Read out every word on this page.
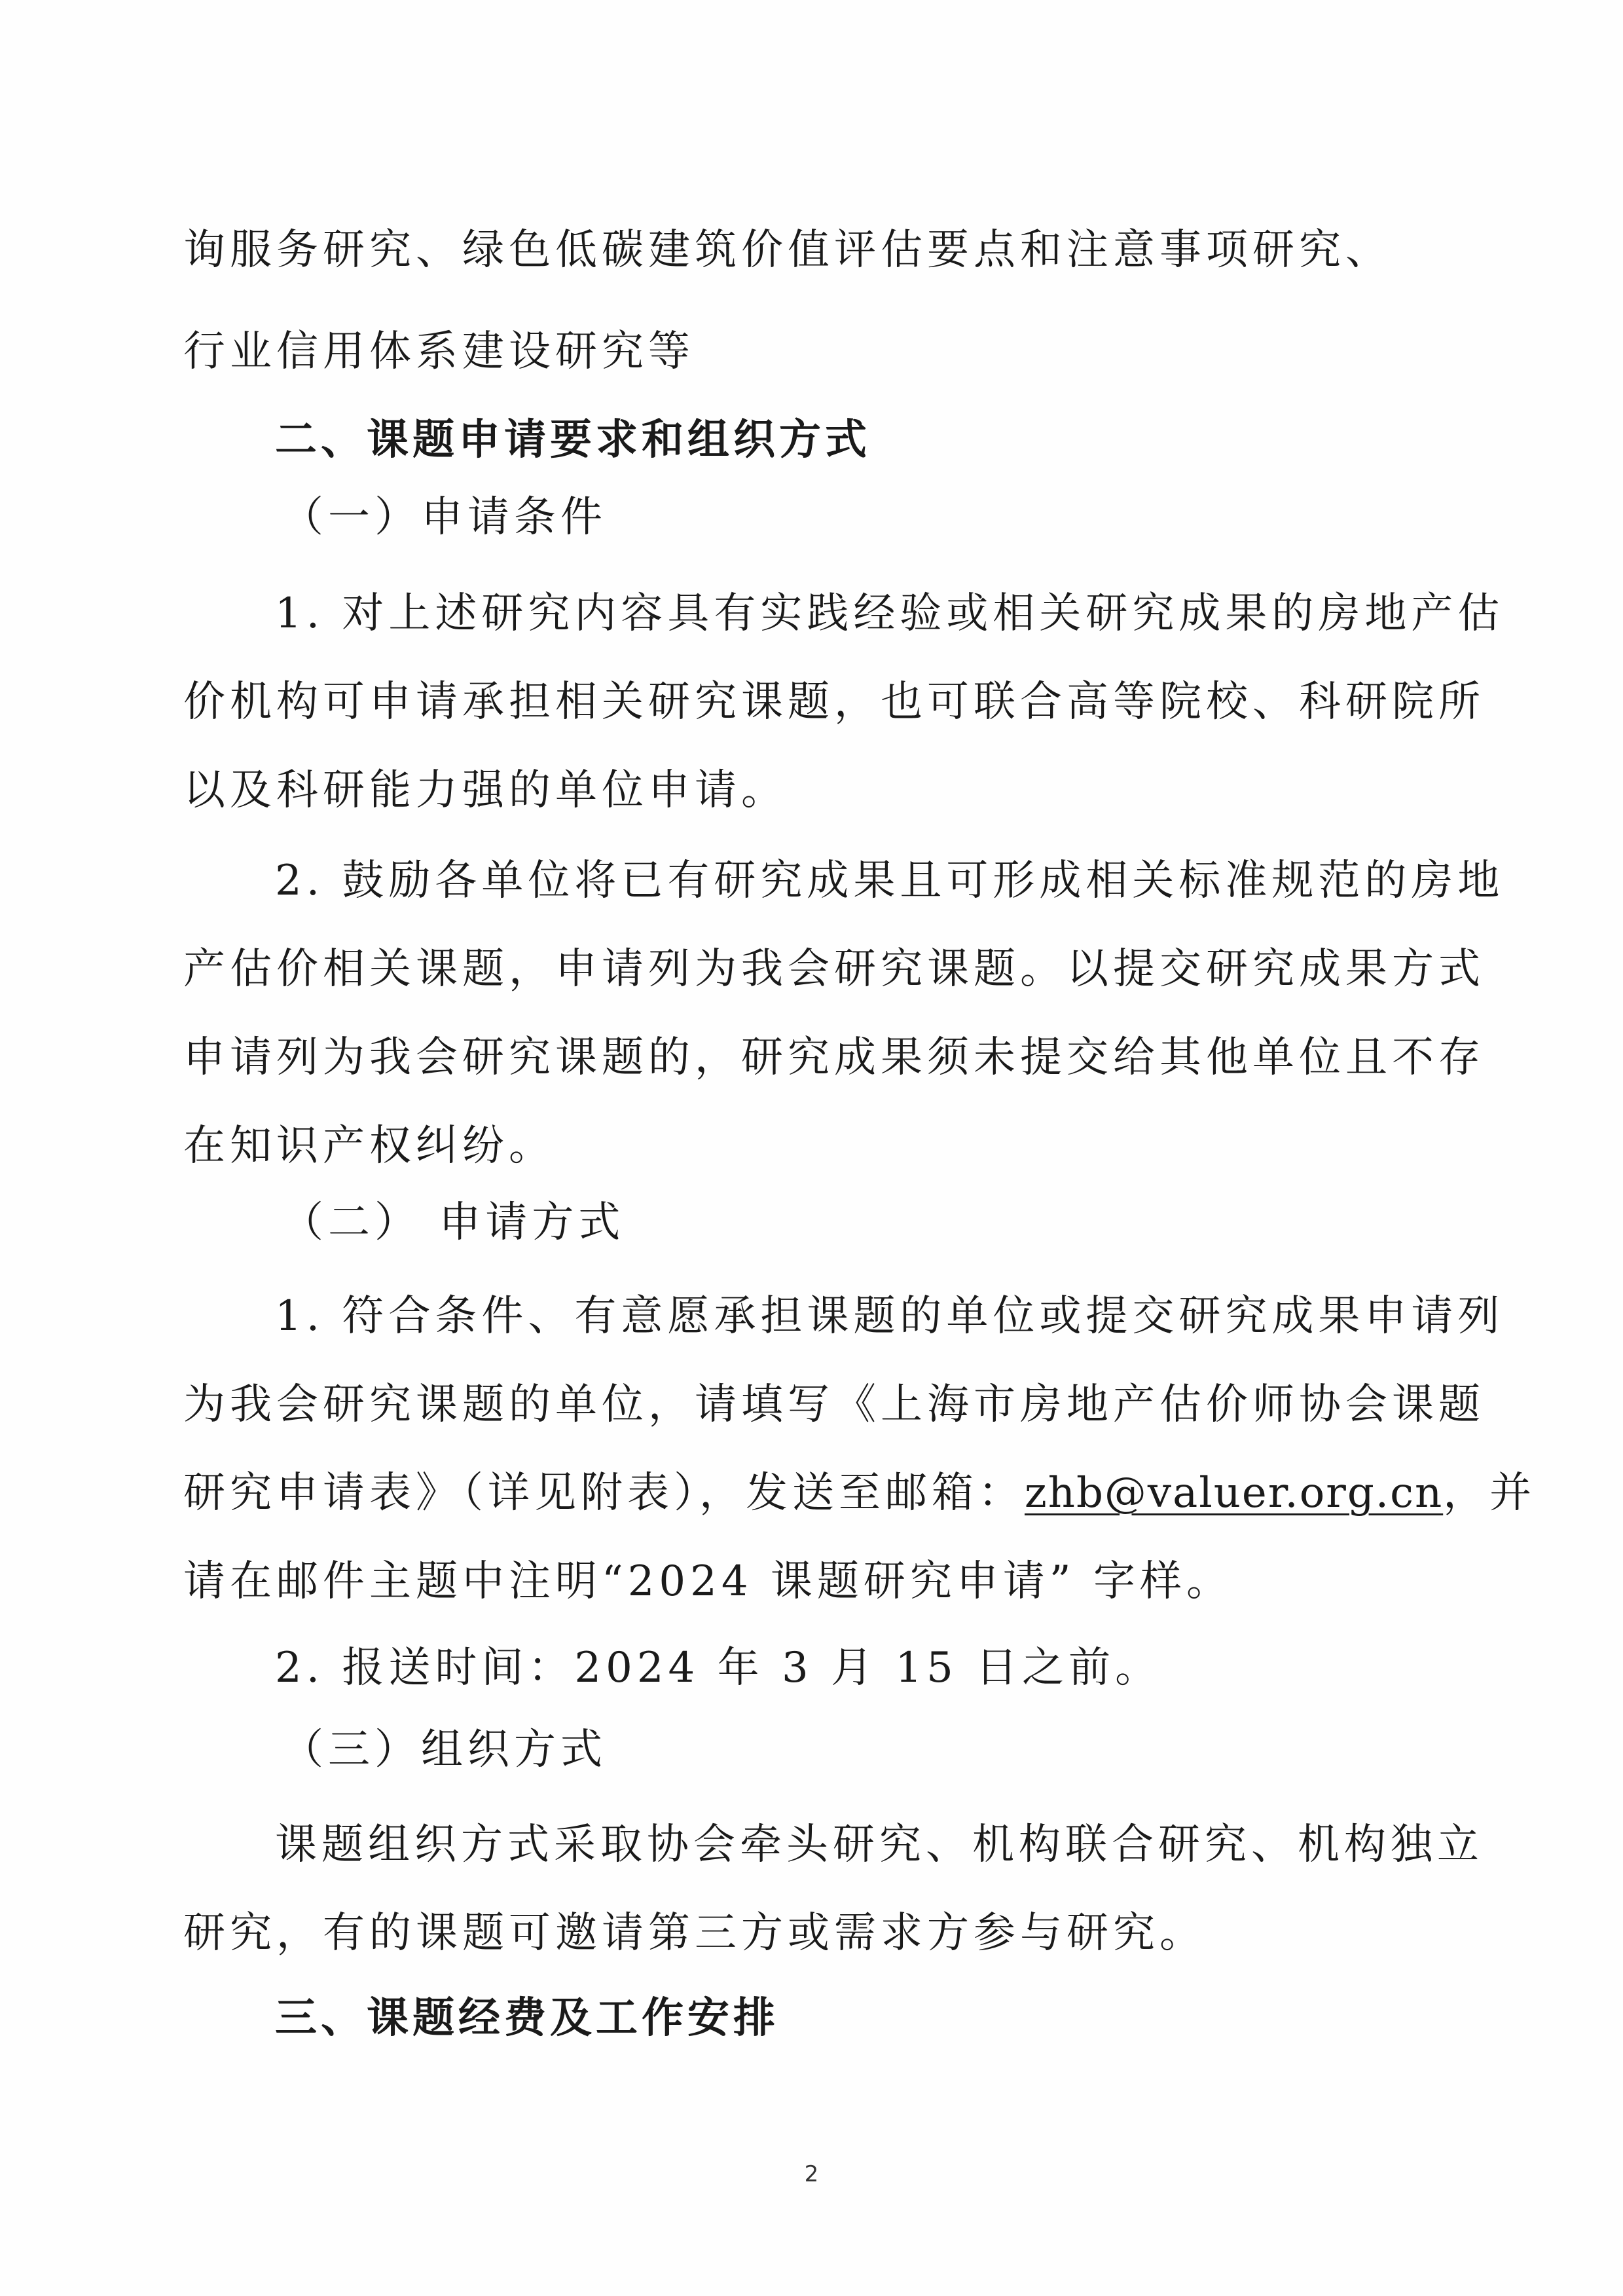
询服务研究、绿色低碳建筑价值评估要点和注意事项研究、
行业信用体系建设研究等
二、课题申请要求和组织方式
（一）申请条件
1. 对上述研究内容具有实践经验或相关研究成果的房地产估
价机构可申请承担相关研究课题，也可联合高等院校、科研院所
以及科研能力强的单位申请。
2. 鼓励各单位将已有研究成果且可形成相关标准规范的房地
产估价相关课题，申请列为我会研究课题。以提交研究成果方式
申请列为我会研究课题的，研究成果须未提交给其他单位且不存
在知识产权纠纷。
（二） 申请方式
1. 符合条件、有意愿承担课题的单位或提交研究成果申请列
为我会研究课题的单位，请填写《上海市房地产估价师协会课题
研究申请表》（详见附表），发送至邮箱：zhb@valuer.org.cn，并
请在邮件主题中注明“2024 课题研究申请” 字样。
2. 报送时间：2024 年 3 月 15 日之前。
（三）组织方式
课题组织方式采取协会牵头研究、机构联合研究、机构独立
研究，有的课题可邀请第三方或需求方参与研究。
三、课题经费及工作安排
2
